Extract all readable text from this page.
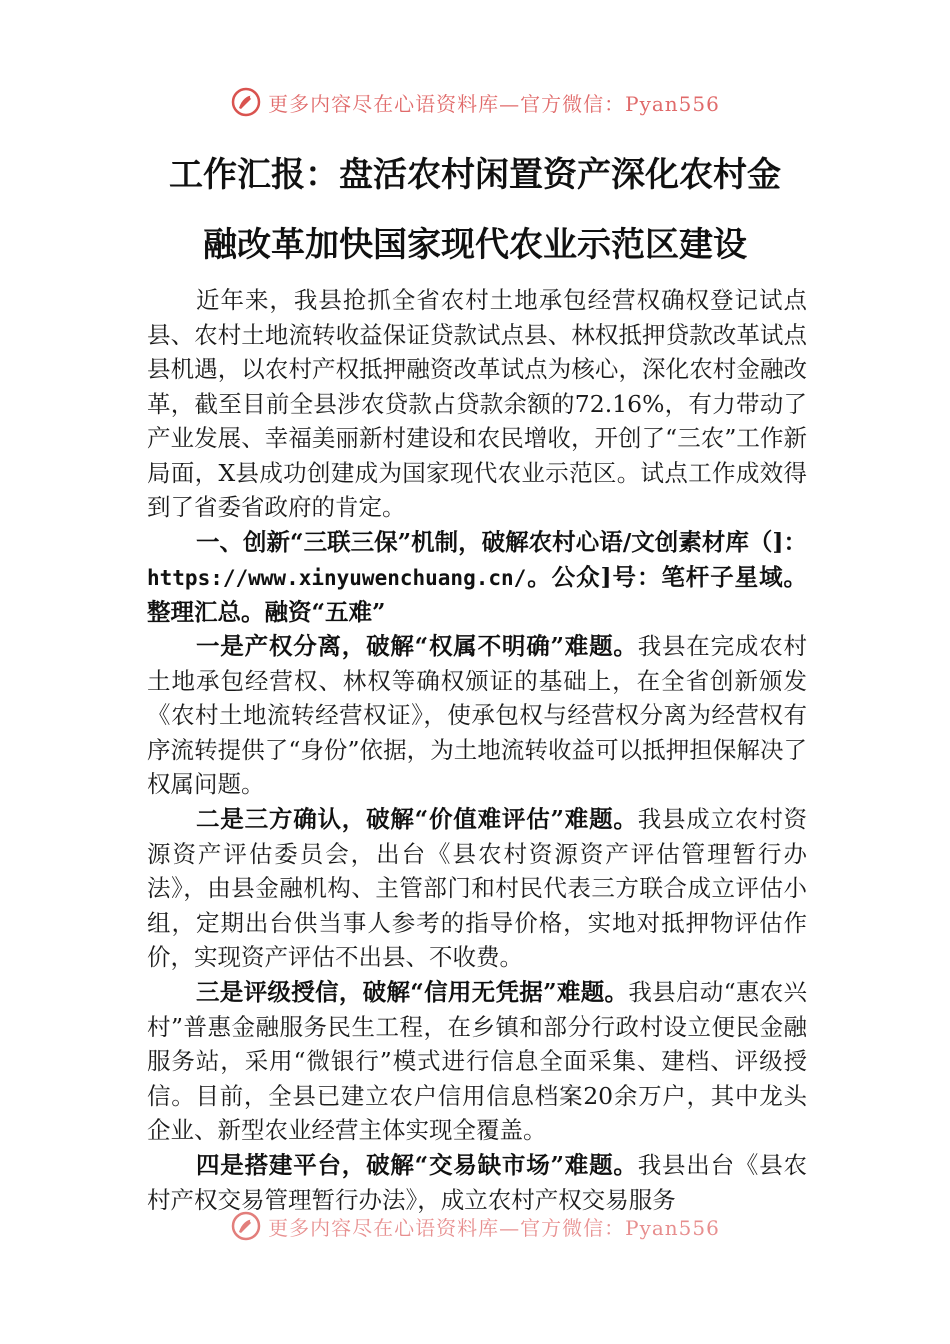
更多内容尽在心语资料库—官方微信：Pyan556
工作汇报：盘活农村闲置资产深化农村金
融改革加快国家现代农业示范区建设

近年来，我县抢抓全省农村土地承包经营权确权登记试点县、农村土地流转收益保证贷款试点县、林权抵押贷款改革试点县机遇，以农村产权抵押融资改革试点为核心，深化农村金融改革，截至目前全县涉农贷款占贷款余额的72.16%，有力带动了产业发展、幸福美丽新村建设和农民增收，开创了“三农”工作新局面，X县成功创建成为国家现代农业示范区。试点工作成效得到了省委省政府的肯定。

一、创新“三联三保”机制，破解农村心语/文创素材库（]：https://www.xinyuwenchuang.cn/。公众]号：笔杆子星域。整理汇总。融资“五难”

一是产权分离，破解“权属不明确”难题。我县在完成农村土地承包经营权、林权等确权颁证的基础上，在全省创新颁发《农村土地流转经营权证》，使承包权与经营权分离为经营权有序流转提供了“身份”依据，为土地流转收益可以抵押担保解决了权属问题。

二是三方确认，破解“价值难评估”难题。我县成立农村资源资产评估委员会，出台《县农村资源资产评估管理暂行办法》，由县金融机构、主管部门和村民代表三方联合成立评估小组，定期出台供当事人参考的指导价格，实地对抵押物评估作价，实现资产评估不出县、不收费。

三是评级授信，破解“信用无凭据”难题。我县启动“惠农兴村”普惠金融服务民生工程，在乡镇和部分行政村设立便民金融服务站，采用“微银行”模式进行信息全面采集、建档、评级授信。目前，全县已建立农户信用信息档案20余万户，其中龙头企业、新型农业经营主体实现全覆盖。

四是搭建平台，破解“交易缺市场”难题。我县出台《县农村产权交易管理暂行办法》，成立农村产权交易服务

更多内容尽在心语资料库—官方微信：Pyan556
